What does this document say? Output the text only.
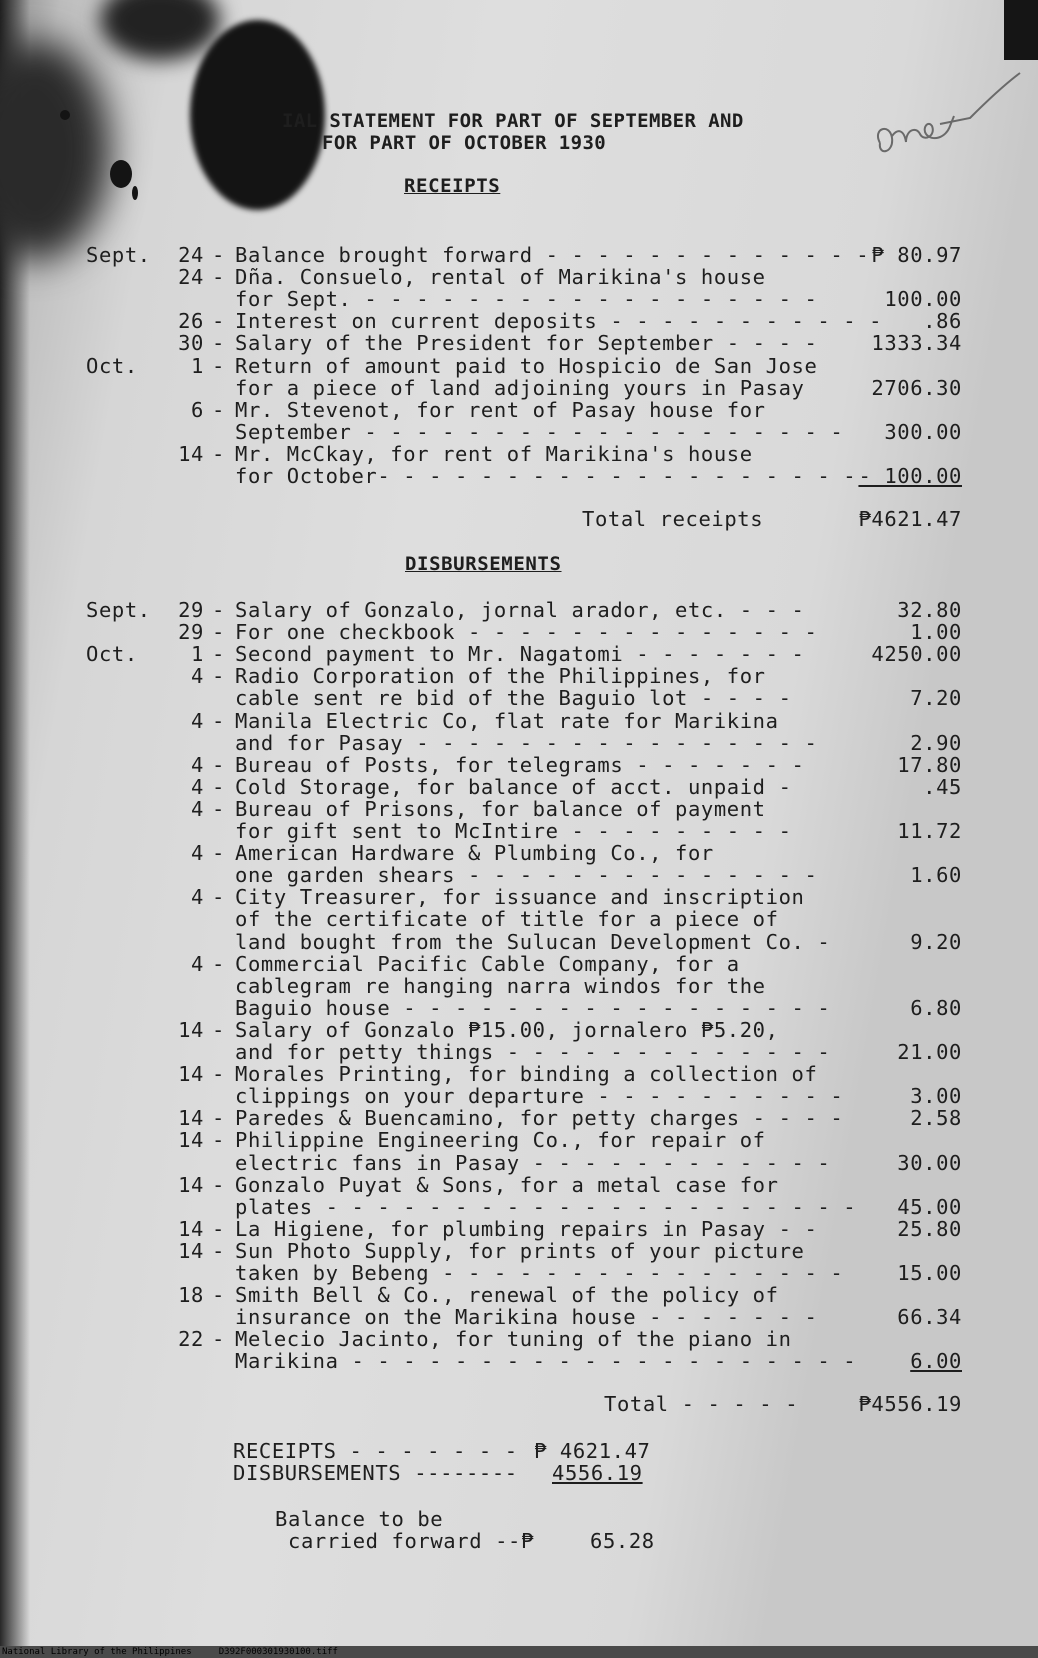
IAL STATEMENT FOR PART OF SEPTEMBER AND
FOR PART OF OCTOBER 1930
RECEIPTS
Sept.	24 - Balance brought forward - - - - - - - - - - - - - ₱ 80.97
24 - Dña. Consuelo, rental of Marikina's house
for Sept. - - - - - - - - - - - - - - - - - -	100.00
26 - Interest on current deposits - - - - - - - - - - - .86
30 - Salary of the President for September - - - -	1333.34
Oct.	1 - Return of amount paid to Hospicio de San Jose
for a piece of land adjoining yours in Pasay	2706.30
6 - Mr. Stevenot, for rent of Pasay house for
September - - - - - - - - - - - - - - - - - - - 300.00
14 - Mr. McCkay, for rent of Marikina's house
for October- - - - - - - - - - - - - - - - - - - - 100.00
Total receipts	₱4621.47
DISBURSEMENTS
Sept.	29 - Salary of Gonzalo, jornal arador, etc. - - -	32.80
29 - For one checkbook - - - - - - - - - - - - - -	1.00
Oct.	1 - Second payment to Mr. Nagatomi - - - - - - -	4250.00
4 - Radio Corporation of the Philippines, for
cable sent re bid of the Baguio lot - - - -	7.20
4 - Manila Electric Co, flat rate for Marikina
and for Pasay - - - - - - - - - - - - - - - -	2.90
4 - Bureau of Posts, for telegrams - - - - - - -	17.80
4 - Cold Storage, for balance of acct. unpaid -	.45
4 - Bureau of Prisons, for balance of payment
for gift sent to McIntire - - - - - - - - -	11.72
4 - American Hardware & Plumbing Co., for
one garden shears - - - - - - - - - - - - - -	1.60
4 - City Treasurer, for issuance and inscription
of the certificate of title for a piece of
land bought from the Sulucan Development Co. -	9.20
4 - Commercial Pacific Cable Company, for a
cablegram re hanging narra windos for the
Baguio house - - - - - - - - - - - - - - - - -	6.80
14 - Salary of Gonzalo ₱15.00, jornalero ₱5.20,
and for petty things - - - - - - - - - - - - -	21.00
14 - Morales Printing, for binding a collection of
clippings on your departure - - - - - - - - - -	3.00
14 - Paredes & Buencamino, for petty charges - - - -	2.58
14 - Philippine Engineering Co., for repair of
electric fans in Pasay - - - - - - - - - - - -	30.00
14 - Gonzalo Puyat & Sons, for a metal case for
plates - - - - - - - - - - - - - - - - - - - - - 45.00
14 - La Higiene, for plumbing repairs in Pasay - -	25.80
14 - Sun Photo Supply, for prints of your picture
taken by Bebeng - - - - - - - - - - - - - - - -	15.00
18 - Smith Bell & Co., renewal of the policy of
insurance on the Marikina house - - - - - - -	66.34
22 - Melecio Jacinto, for tuning of the piano in
Marikina - - - - - - - - - - - - - - - - - - - -	6.00
Total - - - - -	₱4556.19
RECEIPTS - - - - - - - ₱ 4621.47
DISBURSEMENTS -------- 4556.19
Balance to be
carried forward --₱	65.28
National Library of the Philippines     D392F000301930100.tiff
